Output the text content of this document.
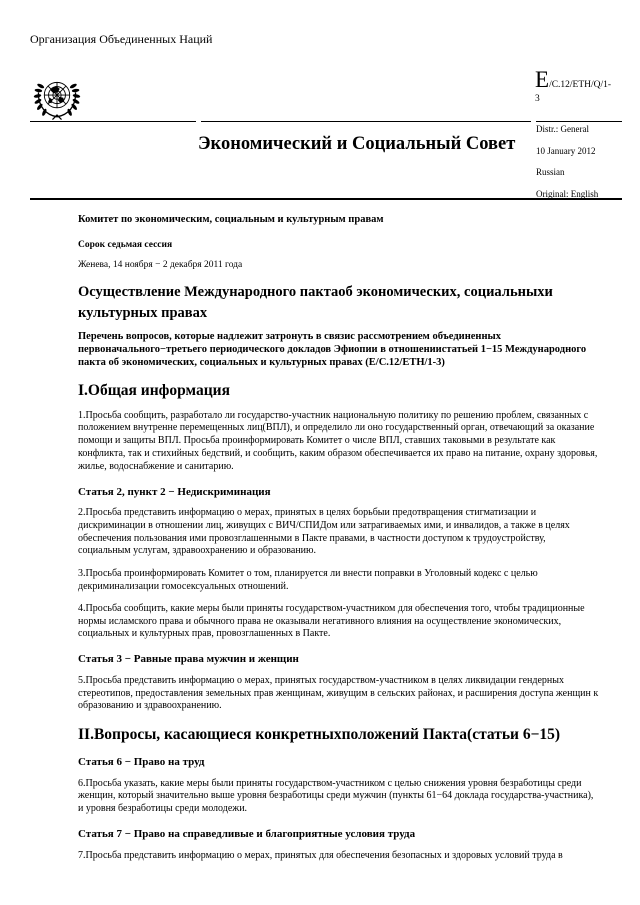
Организация Объединенных Наций
E/C.12/ETH/Q/1-
3
Экономический и Социальный Совет
Distr.: General
10 January 2012
Russian
Original: English
Комитет по экономическим, социальным и культурным правам
Сорок седьмая сессия
Женева, 14 ноября − 2 декабря 2011 года
Осуществление Международного пактаоб экономических, социальныхи культурных правах
Перечень вопросов, которые надлежит затронуть в связис рассмотрением объединенных первоначального−третьего периодического докладов Эфиопии в отношениистатьей 1−15 Международного пакта об экономических, социальных и культурных правах (E/C.12/ETH/1-3)
I.Общая информация
1.Просьба сообщить, разработало ли государство-участник национальную политику по решению проблем, связанных с положением внутренне перемещенных лиц(ВПЛ), и определило ли оно государственный орган, отвечающий за оказание помощи и защиты ВПЛ. Просьба проинформировать Комитет о числе ВПЛ, ставших таковыми в результате как конфликта, так и стихийных бедствий, и сообщить, каким образом обеспечивается их право на питание, охрану здоровья, жилье, водоснабжение и санитарию.
Статья 2, пункт 2 − Недискриминация
2.Просьба представить информацию о мерах, принятых в целях борьбыи предотвращения стигматизации и дискриминации в отношении лиц, живущих с ВИЧ/СПИДом или затрагиваемых ими, и инвалидов, а также в целях обеспечения пользования ими провозглашенными в Пакте правами, в частности доступом к трудоустройству, социальным услугам, здравоохранению и образованию.
3.Просьба проинформировать Комитет о том, планируется ли внести поправки в Уголовный кодекс с целью декриминализации гомосексуальных отношений.
4.Просьба сообщить, какие меры были приняты государством-участником для обеспечения того, чтобы традиционные нормы исламского права и обычного права не оказывали негативного влияния на осуществление экономических, социальных и культурных прав, провозглашенных в Пакте.
Статья 3 − Равные права мужчин и женщин
5.Просьба представить информацию о мерах, принятых государством-участником в целях ликвидации гендерных стереотипов, предоставления земельных прав женщинам, живущим в сельских районах, и расширения доступа женщин к образованию и здравоохранению.
II.Вопросы, касающиеся конкретныхположений Пакта(статьи 6−15)
Статья 6 − Право на труд
6.Просьба указать, какие меры были приняты государством-участником с целью снижения уровня безработицы среди женщин, который значительно выше уровня безработицы среди мужчин (пункты 61−64 доклада государства-участника), и уровня безработицы среди молодежи.
Статья 7 − Право на справедливые и благоприятные условия труда
7.Просьба представить информацию о мерах, принятых для обеспечения безопасных и здоровых условий труда в
